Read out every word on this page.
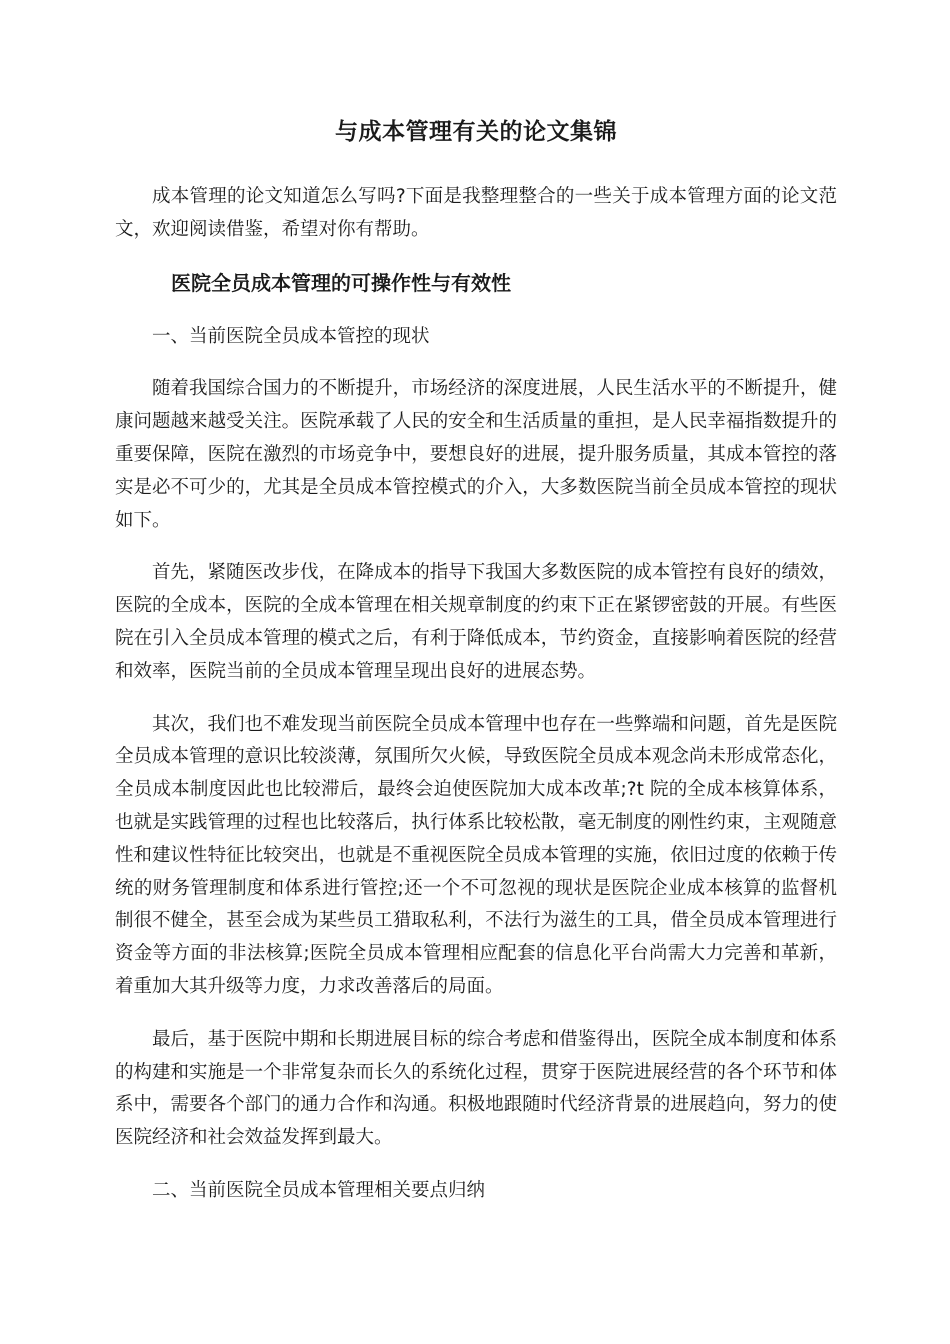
与成本管理有关的论文集锦

成本管理的论文知道怎么写吗?下面是我整理整合的一些关于成本管理方面的论文范文，欢迎阅读借鉴，希望对你有帮助。

医院全员成本管理的可操作性与有效性

一、当前医院全员成本管控的现状

随着我国综合国力的不断提升，市场经济的深度进展，人民生活水平的不断提升，健康问题越来越受关注。医院承载了人民的安全和生活质量的重担，是人民幸福指数提升的重要保障，医院在激烈的市场竞争中，要想良好的进展，提升服务质量，其成本管控的落实是必不可少的，尤其是全员成本管控模式的介入，大多数医院当前全员成本管控的现状如下。

首先，紧随医改步伐，在降成本的指导下我国大多数医院的成本管控有良好的绩效，医院的全成本，医院的全成本管理在相关规章制度的约束下正在紧锣密鼓的开展。有些医院在引入全员成本管理的模式之后，有利于降低成本，节约资金，直接影响着医院的经营和效率，医院当前的全员成本管理呈现出良好的进展态势。

其次，我们也不难发现当前医院全员成本管理中也存在一些弊端和问题，首先是医院全员成本管理的意识比较淡薄，氛围所欠火候，导致医院全员成本观念尚未形成常态化，全员成本制度因此也比较滞后，最终会迫使医院加大成本改革;?t 院的全成本核算体系，也就是实践管理的过程也比较落后，执行体系比较松散，毫无制度的刚性约束，主观随意性和建议性特征比较突出，也就是不重视医院全员成本管理的实施，依旧过度的依赖于传统的财务管理制度和体系进行管控;还一个不可忽视的现状是医院企业成本核算的监督机制很不健全，甚至会成为某些员工猎取私利，不法行为滋生的工具，借全员成本管理进行资金等方面的非法核算;医院全员成本管理相应配套的信息化平台尚需大力完善和革新，着重加大其升级等力度，力求改善落后的局面。

最后，基于医院中期和长期进展目标的综合考虑和借鉴得出，医院全成本制度和体系的构建和实施是一个非常复杂而长久的系统化过程，贯穿于医院进展经营的各个环节和体系中，需要各个部门的通力合作和沟通。积极地跟随时代经济背景的进展趋向，努力的使医院经济和社会效益发挥到最大。

二、当前医院全员成本管理相关要点归纳
